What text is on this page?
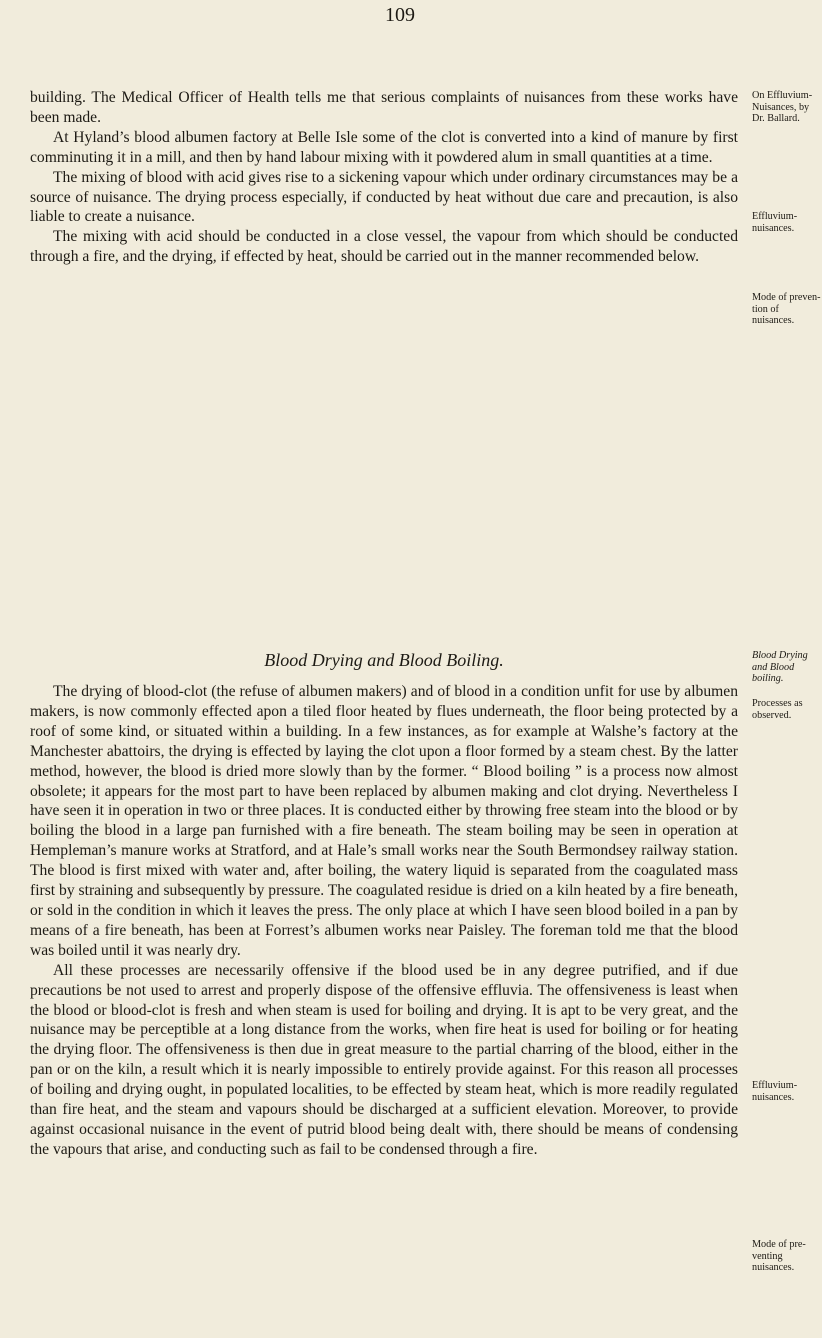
109

building. The Medical Officer of Health tells me that serious complaints of nuisances from these works have been made.

At Hyland’s blood albumen factory at Belle Isle some of the clot is converted into a kind of manure by first comminuting it in a mill, and then by hand labour mixing with it powdered alum in small quantities at a time.

The mixing of blood with acid gives rise to a sickening vapour which under ordinary circumstances may be a source of nuisance. The drying process especially, if conducted by heat without due care and precaution, is also liable to create a nuisance.

The mixing with acid should be conducted in a close vessel, the vapour from which should be conducted through a fire, and the drying, if effected by heat, should be carried out in the manner recommended below.

Blood Drying and Blood Boiling.

The drying of blood-clot (the refuse of albumen makers) and of blood in a condition unfit for use by albumen makers, is now commonly effected apon a tiled floor heated by flues underneath, the floor being protected by a roof of some kind, or situated within a building. In a few instances, as for example at Walshe’s factory at the Manchester abattoirs, the drying is effected by laying the clot upon a floor formed by a steam chest. By the latter method, however, the blood is dried more slowly than by the former. “ Blood boiling ” is a process now almost obsolete; it appears for the most part to have been replaced by albumen making and clot drying. Nevertheless I have seen it in operation in two or three places. It is conducted either by throwing free steam into the blood or by boiling the blood in a large pan furnished with a fire beneath. The steam boiling may be seen in operation at Hempleman’s manure works at Stratford, and at Hale’s small works near the South Bermondsey railway station. The blood is first mixed with water and, after boiling, the watery liquid is separated from the coagulated mass first by straining and subsequently by pressure. The coagulated residue is dried on a kiln heated by a fire beneath, or sold in the condition in which it leaves the press. The only place at which I have seen blood boiled in a pan by means of a fire beneath, has been at Forrest’s albumen works near Paisley. The foreman told me that the blood was boiled until it was nearly dry.

All these processes are necessarily offensive if the blood used be in any degree putrified, and if due precautions be not used to arrest and properly dispose of the offensive effluvia. The offensiveness is least when the blood or blood-clot is fresh and when steam is used for boiling and drying. It is apt to be very great, and the nuisance may be perceptible at a long distance from the works, when fire heat is used for boiling or for heating the drying floor. The offensiveness is then due in great measure to the partial charring of the blood, either in the pan or on the kiln, a result which it is nearly impossible to entirely provide against. For this reason all processes of boiling and drying ought, in populated localities, to be effected by steam heat, which is more readily regulated than fire heat, and the steam and vapours should be discharged at a sufficient elevation. Moreover, to provide against occasional nuisance in the event of putrid blood being dealt with, there should be means of condensing the vapours that arise, and conducting such as fail to be condensed through a fire.

On Effluvium-Nuisances, by Dr. Ballard.
Effluvium-nuisances.
Mode of preven-tion of nuisances.
Blood Drying and Blood boiling.
Processes as observed.
Effluvium-nuisances.
Mode of pre-venting nuisances.
